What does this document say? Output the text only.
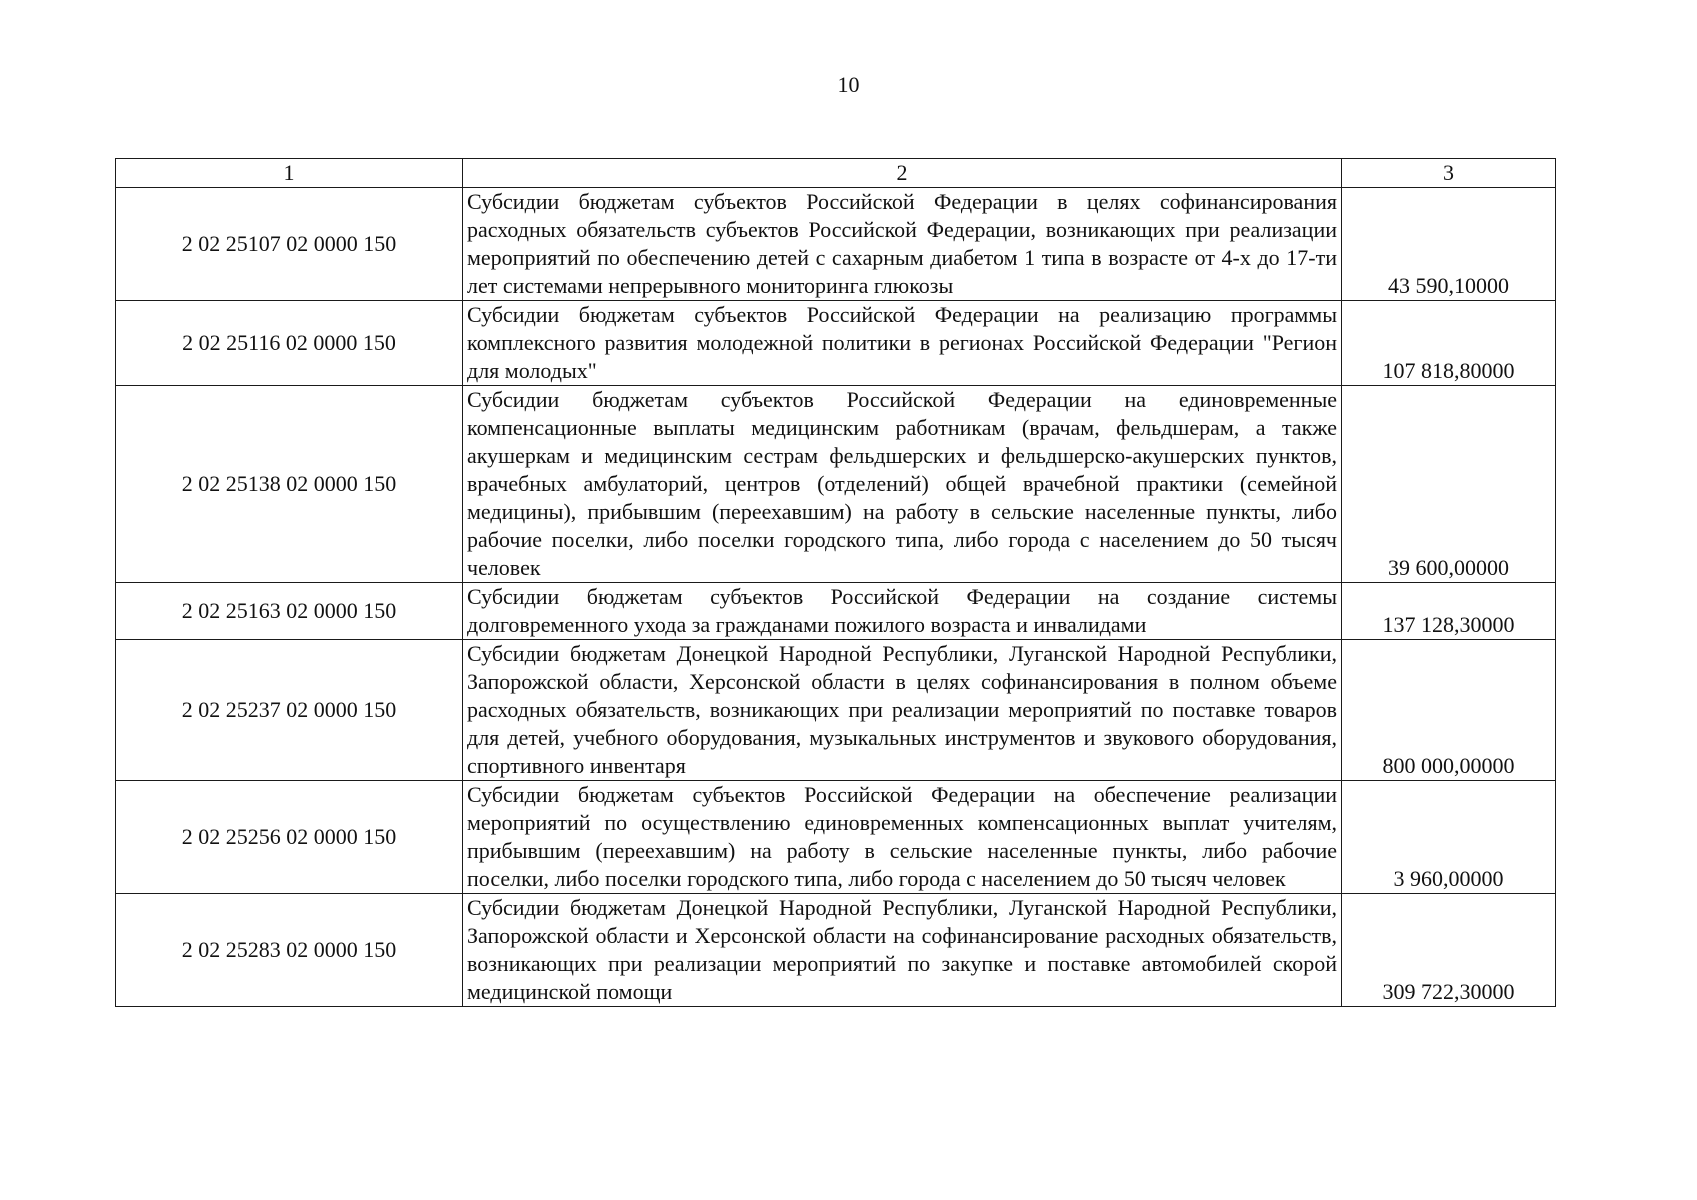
10
1	2	3
2 02 25107 02 0000 150	Субсидии бюджетам субъектов Российской Федерации в целях софинансирования расходных обязательств субъектов Российской Федерации, возникающих при реализации мероприятий по обеспечению детей с сахарным диабетом 1 типа в возрасте от 4-х до 17-ти лет системами непрерывного мониторинга глюкозы	43 590,10000
2 02 25116 02 0000 150	Субсидии бюджетам субъектов Российской Федерации на реализацию программы комплексного развития молодежной политики в регионах Российской Федерации "Регион для молодых"	107 818,80000
2 02 25138 02 0000 150	Субсидии бюджетам субъектов Российской Федерации на единовременные компенсационные выплаты медицинским работникам (врачам, фельдшерам, а также акушеркам и медицинским сестрам фельдшерских и фельдшерско-акушерских пунктов, врачебных амбулаторий, центров (отделений) общей врачебной практики (семейной медицины), прибывшим (переехавшим) на работу в сельские населенные пункты, либо рабочие поселки, либо поселки городского типа, либо города с населением до 50 тысяч человек	39 600,00000
2 02 25163 02 0000 150	Субсидии бюджетам субъектов Российской Федерации на создание системы долговременного ухода за гражданами пожилого возраста и инвалидами	137 128,30000
2 02 25237 02 0000 150	Субсидии бюджетам Донецкой Народной Республики, Луганской Народной Республики, Запорожской области, Херсонской области в целях софинансирования в полном объеме расходных обязательств, возникающих при реализации мероприятий по поставке товаров для детей, учебного оборудования, музыкальных инструментов и звукового оборудования, спортивного инвентаря	800 000,00000
2 02 25256 02 0000 150	Субсидии бюджетам субъектов Российской Федерации на обеспечение реализации мероприятий по осуществлению единовременных компенсационных выплат учителям, прибывшим (переехавшим) на работу в сельские населенные пункты, либо рабочие поселки, либо поселки городского типа, либо города с населением до 50 тысяч человек	3 960,00000
2 02 25283 02 0000 150	Субсидии бюджетам Донецкой Народной Республики, Луганской Народной Республики, Запорожской области и Херсонской области на софинансирование расходных обязательств, возникающих при реализации мероприятий по закупке и поставке автомобилей скорой медицинской помощи	309 722,30000
